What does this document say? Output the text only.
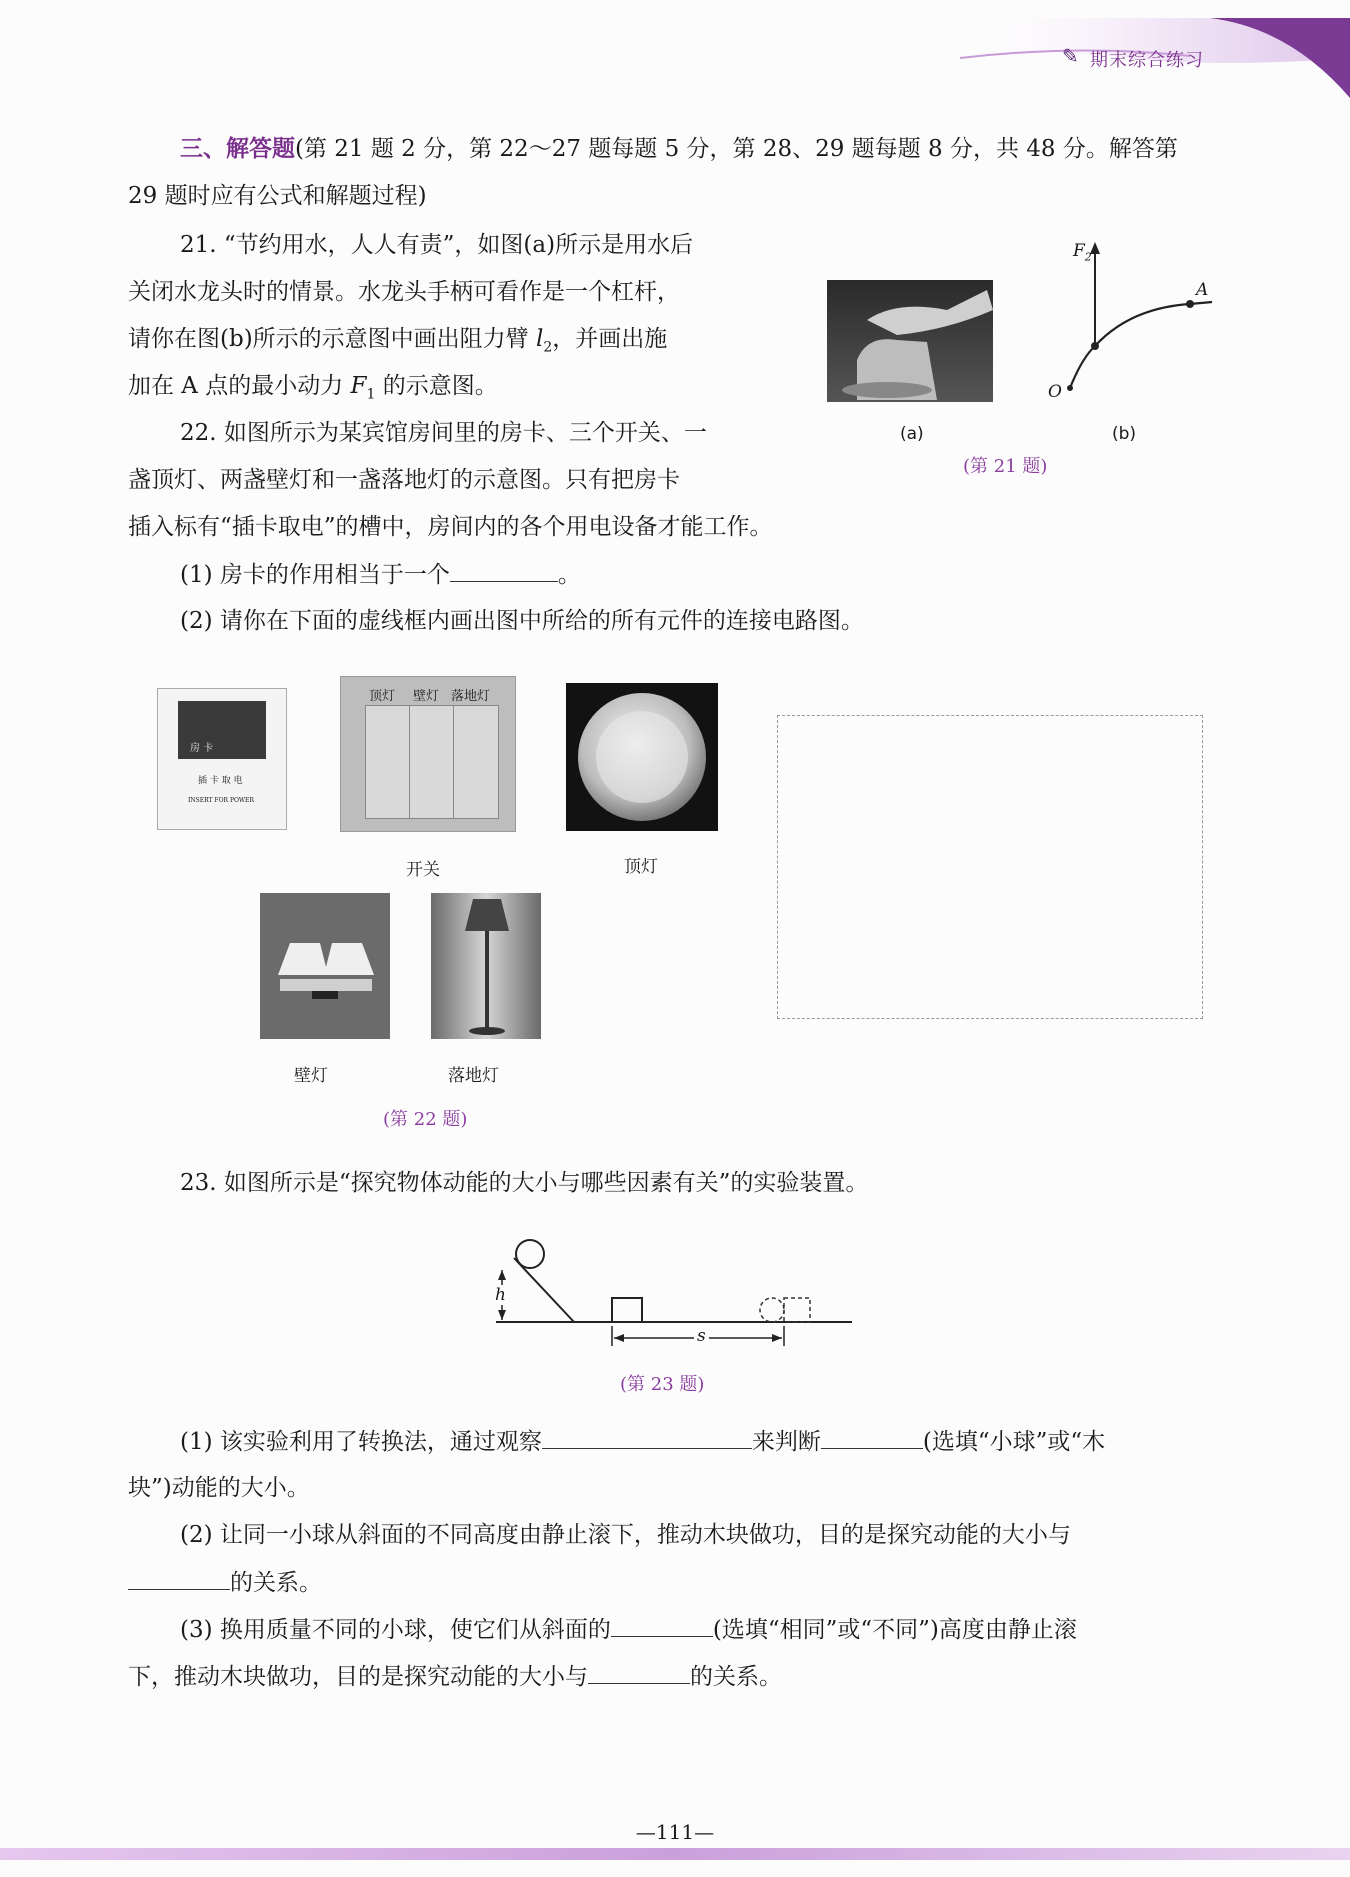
✎ 期末综合练习
三、解答题(第 21 题 2 分，第 22～27 题每题 5 分，第 28、29 题每题 8 分，共 48 分。解答第
29 题时应有公式和解题过程)
21. “节约用水，人人有责”，如图(a)所示是用水后
关闭水龙头时的情景。水龙头手柄可看作是一个杠杆，
请你在图(b)所示的示意图中画出阻力臂 $l_2$，并画出施
加在 A 点的最小动力 $F_1$ 的示意图。
(a)
$F_2$
A
O
(b)
(第 21 题)
22. 如图所示为某宾馆房间里的房卡、三个开关、一
盏顶灯、两盏壁灯和一盏落地灯的示意图。只有把房卡
插入标有“插卡取电”的槽中，房间内的各个用电设备才能工作。
(1) 房卡的作用相当于一个	。
(2) 请你在下面的虚线框内画出图中所给的所有元件的连接电路图。
房 卡
插 卡 取 电
INSERT FOR POWER
顶灯 壁灯 落地灯
开关	顶灯
壁灯	落地灯
(第 22 题)
23. 如图所示是“探究物体动能的大小与哪些因素有关”的实验装置。
h
s
(第 23 题)
(1) 该实验利用了转换法，通过观察	来判断	(选填“小球”或“木
块”)动能的大小。
(2) 让同一小球从斜面的不同高度由静止滚下，推动木块做功，目的是探究动能的大小与
的关系。
(3) 换用质量不同的小球，使它们从斜面的	(选填“相同”或“不同”)高度由静止滚
下，推动木块做功，目的是探究动能的大小与	的关系。
—111—
